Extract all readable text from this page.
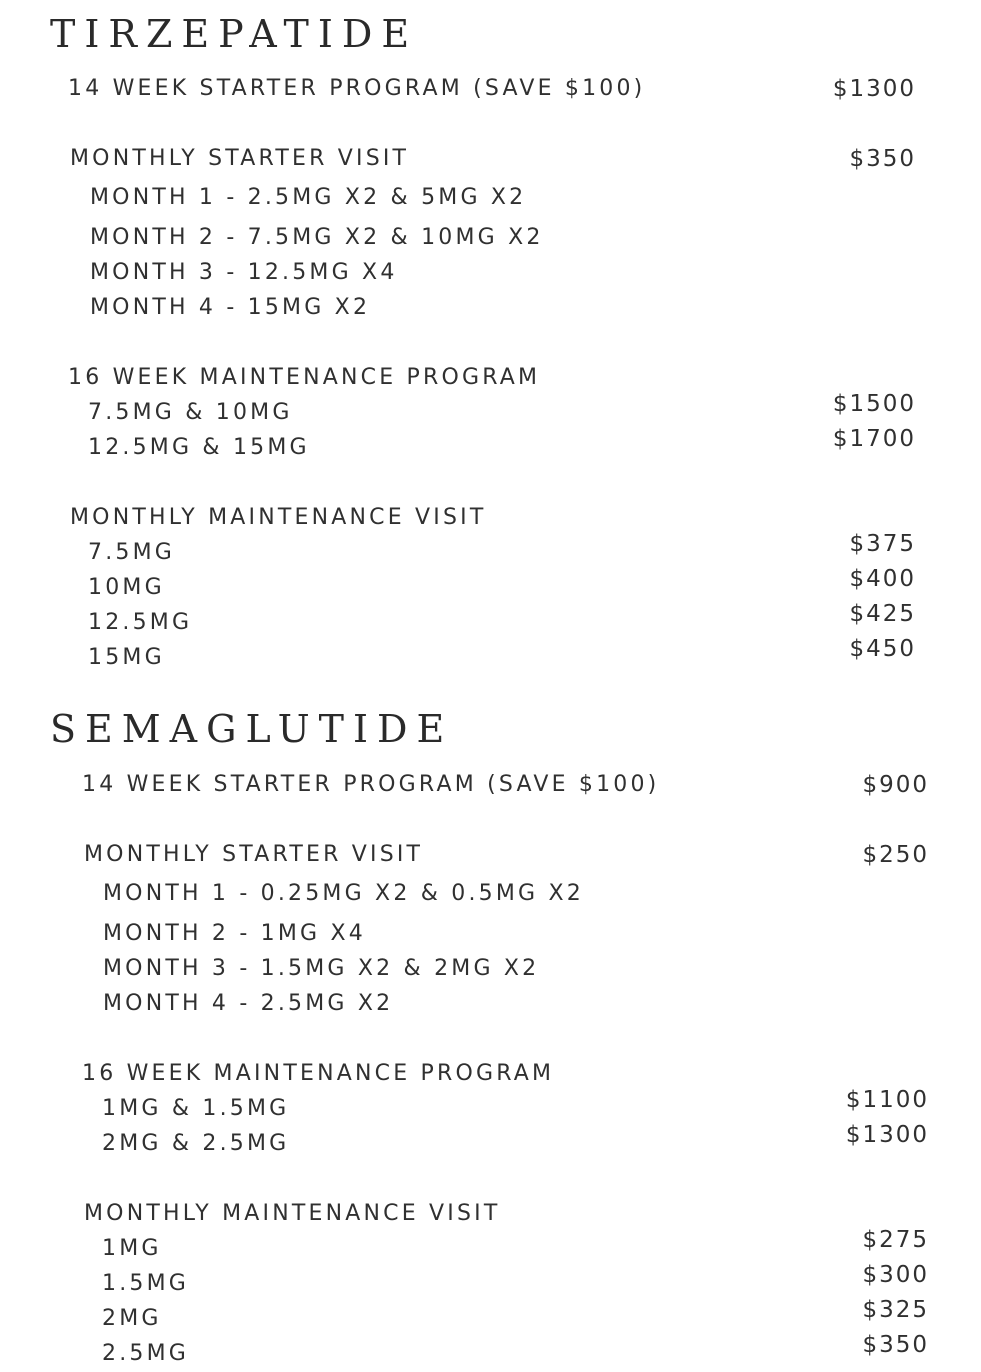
TIRZEPATIDE
14 WEEK STARTER PROGRAM (SAVE $100)	$1300
MONTHLY STARTER VISIT	$350
MONTH 1 - 2.5MG X2 & 5MG X2
MONTH 2 - 7.5MG X2 & 10MG X2
MONTH 3 - 12.5MG X4
MONTH 4 - 15MG X2
16 WEEK MAINTENANCE PROGRAM
7.5MG & 10MG	$1500
12.5MG & 15MG	$1700
MONTHLY MAINTENANCE VISIT
7.5MG	$375
10MG	$400
12.5MG	$425
15MG	$450
SEMAGLUTIDE
14 WEEK STARTER PROGRAM (SAVE $100)	$900
MONTHLY STARTER VISIT	$250
MONTH 1 - 0.25MG X2 & 0.5MG X2
MONTH 2 - 1MG X4
MONTH 3 - 1.5MG X2 & 2MG X2
MONTH 4 - 2.5MG X2
16 WEEK MAINTENANCE PROGRAM
1MG & 1.5MG	$1100
2MG & 2.5MG	$1300
MONTHLY MAINTENANCE VISIT
1MG	$275
1.5MG	$300
2MG	$325
2.5MG	$350
